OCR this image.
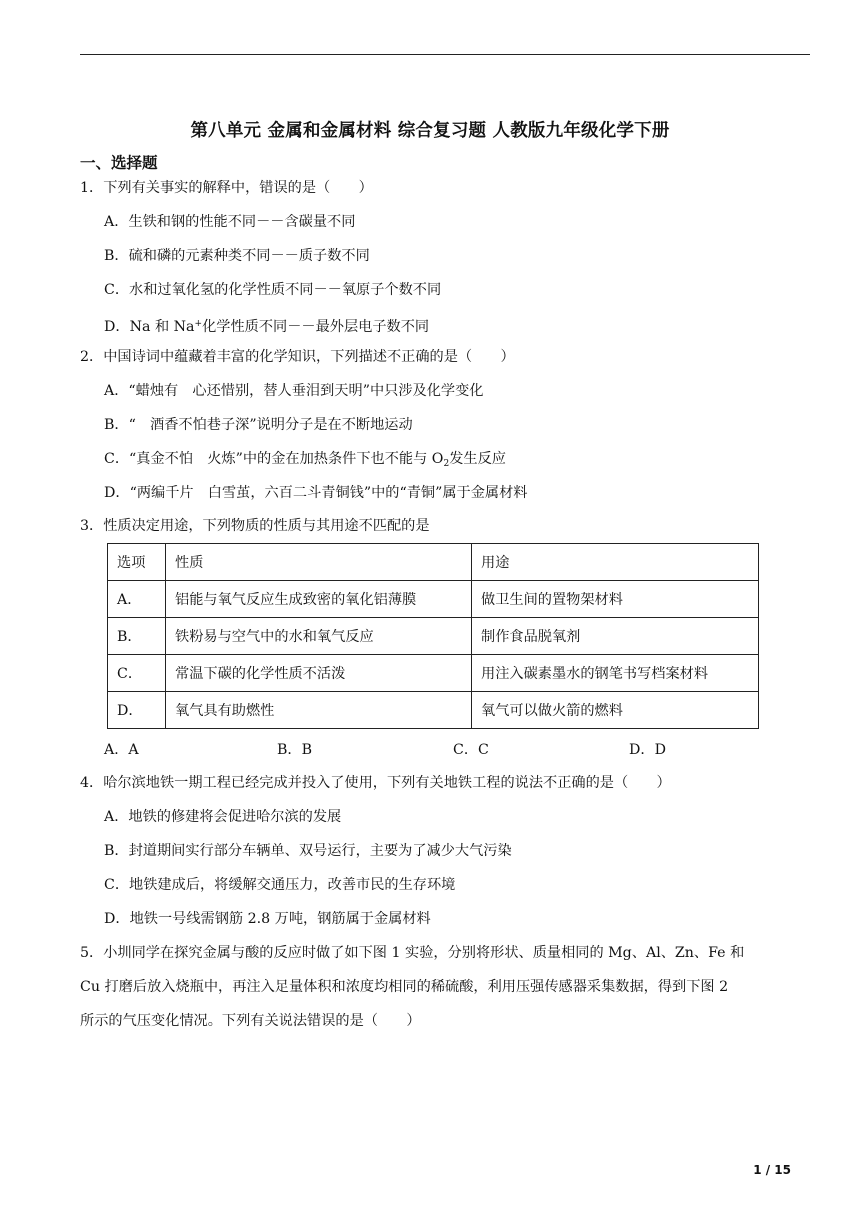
第八单元 金属和金属材料 综合复习题 人教版九年级化学下册
一、选择题
1．下列有关事实的解释中，错误的是（　　）
A．生铁和钢的性能不同－－含碳量不同
B．硫和磷的元素种类不同－－质子数不同
C．水和过氧化氢的化学性质不同－－氧原子个数不同
D．Na 和 Na+化学性质不同－－最外层电子数不同
2．中国诗词中蕴藏着丰富的化学知识，下列描述不正确的是（　　）
A．“蜡烛有　心还惜别，替人垂泪到天明”中只涉及化学变化
B．“　酒香不怕巷子深”说明分子是在不断地运动
C．“真金不怕　火炼”中的金在加热条件下也不能与 $O_2$发生反应
D．“两编千片　白雪茧，六百二斗青铜钱”中的“青铜”属于金属材料
3．性质决定用途，下列物质的性质与其用途不匹配的是
选项	性质	用途
A．	铝能与氧气反应生成致密的氧化铝薄膜	做卫生间的置物架材料
B．	铁粉易与空气中的水和氧气反应	制作食品脱氧剂
C．	常温下碳的化学性质不活泼	用注入碳素墨水的钢笔书写档案材料
D．	氧气具有助燃性	氧气可以做火箭的燃料
A．A	B．B	C．C	D．D
4．哈尔滨地铁一期工程已经完成并投入了使用，下列有关地铁工程的说法不正确的是（　　）
A．地铁的修建将会促进哈尔滨的发展
B．封道期间实行部分车辆单、双号运行，主要为了减少大气污染
C．地铁建成后，将缓解交通压力，改善市民的生存环境
D．地铁一号线需钢筋 2.8 万吨，钢筋属于金属材料
5．小圳同学在探究金属与酸的反应时做了如下图 1 实验，分别将形状、质量相同的 Mg、Al、Zn、Fe 和
Cu 打磨后放入烧瓶中，再注入足量体积和浓度均相同的稀硫酸，利用压强传感器采集数据，得到下图 2
所示的气压变化情况。下列有关说法错误的是（　　）
1 / 15
